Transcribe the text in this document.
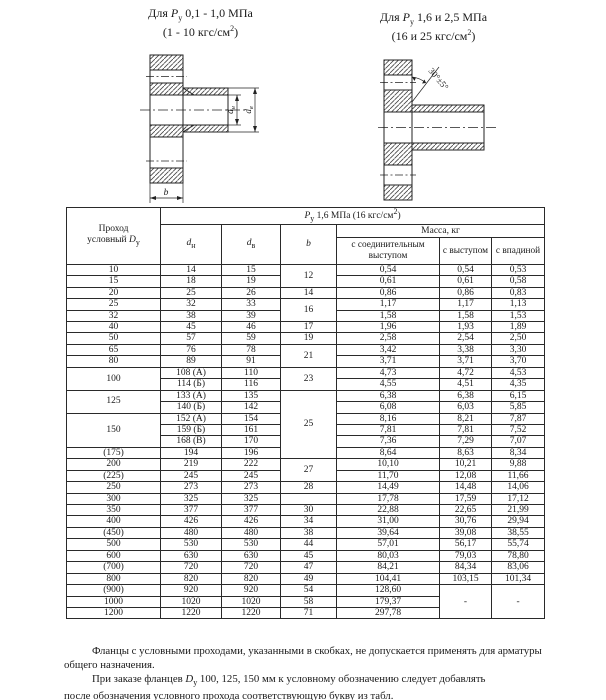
Для $Р_у$ 0,1 - 1,0 МПа
(1 - 10 кгс/$см^2$)
Для $Р_у$ 1,6 и 2,5 МПа
(16 и 25 кгс/$см^2$)
$d_н$
$d_в$
b
30°±5°
Проход
условный $D_у$	$Р_у$ 1,6 МПа (16 кгс/$см^2$)					
	$d_н$	$d_в$	b	Масса, кг		
				с соединительным выступом	с выступом	с впадиной
10	14	15	12	0,54	0,54	0,53
15	18	19		0,61	0,61	0,58
20	25	26	14	0,86	0,86	0,83
25	32	33	16	1,17	1,17	1,13
32	38	39		1,58	1,58	1,53
40	45	46	17	1,96	1,93	1,89
50	57	59	19	2,58	2,54	2,50
65	76	78	21	3,42	3,38	3,30
80	89	91		3,71	3,71	3,70
100	108 (А)	110	23	4,73	4,72	4,53
	114 (Б)	116		4,55	4,51	4,35
125	133 (А)	135	25	6,38	6,38	6,15
	140 (Б)	142		6,08	6,03	5,85
150	152 (А)	154		8,16	8,21	7,87
	159 (Б)	161		7,81	7,81	7,52
	168 (В)	170		7,36	7,29	7,07
(175)	194	196		8,64	8,63	8,34
200	219	222	27	10,10	10,21	9,88
(225)	245	245		11,70	12,08	11,66
250	273	273	28	14,49	14,48	14,06
300	325	325		17,78	17,59	17,12
350	377	377	30	22,88	22,65	21,99
400	426	426	34	31,00	30,76	29,94
(450)	480	480	38	39,64	39,08	38,55
500	530	530	44	57,01	56,17	55,74
600	630	630	45	80,03	79,03	78,80
(700)	720	720	47	84,21	84,34	83,06
800	820	820	49	104,41	103,15	101,34
(900)	920	920	54	128,60	-	-
1000	1020	1020	58	179,37		
1200	1220	1220	71	297,78		
Фланцы с условными проходами, указанными в скобках, не допускается применять для арматуры
общего назначения.
При заказе фланцев $D_у$ 100, 125, 150 мм к условному обозначению следует добавлять
после обозначения условного прохода соответствующую букву из табл.
